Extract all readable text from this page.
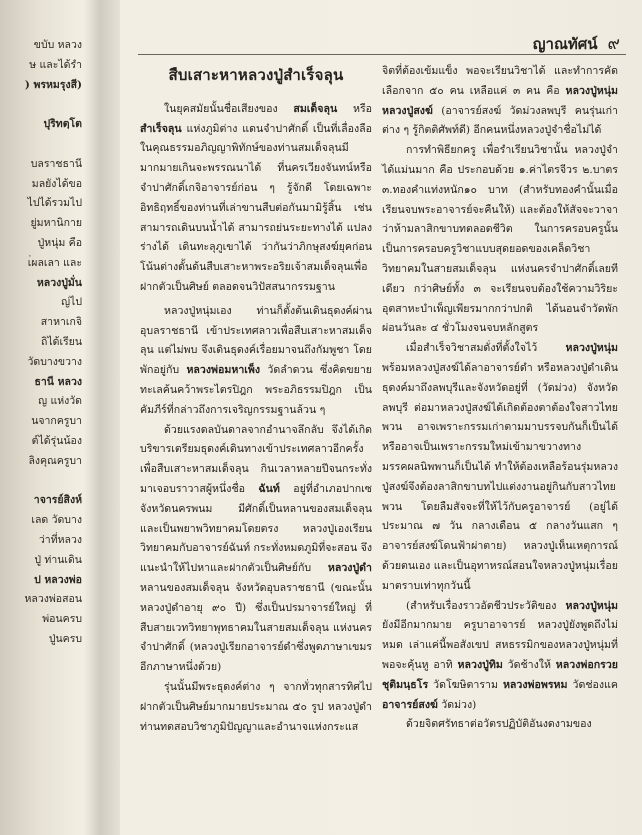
ขบับ หลวง
ษ และได้รำ
) พรหมรุงสี)
ปุริทตฺโต
บลราชธานี
มลยังได้ขอ
ไปได้รวมไป
ยู่มหานิกาย
ปู่หนุ่ม คือ
เ่ผลเลา และ
หลวงปู่มั่น
ญ่ไป
สาหาเกจิ
ถิได้เรียน
วัดบางขวาง
ธานี หลวง
ญ แห่งวัด
นจากครูบา
ต์ได้รุ่นน้อง
ลิงคุณครูบา
าจารย์สิงห์
เลด วัดบาง
ว่าที่หลวง
ปู่ ท่านเดิน
ป หลวงพ่อ
หลวงพ่อสอน
พ่อนครบ
ปู่นครบ
ญาณทัศน์ ๙
สืบเสาะหาหลวงปู่สำเร็จลุน

ในยุคสมัยนั้นชื่อเสียงของ สมเด็จลุน หรือ สำเร็จลุน แห่งภูมิต่าง แดนจำปาศักดิ์ เป็นที่เลื่องลือในคุณธรรมอภิญญาพิทักษ์ของท่านสมเด็จลุนมีมากมายเกินจะพรรณนาได้ ที่นครเวียงจันทน์หรือจำปาศักดิ์เกจิอาจารย์ก่อน ๆ รู้จักดี โดยเฉพาะอิทธิฤทธิ์ของท่านที่เล่าขานสืบต่อกันมามิรู้สิ้น เช่น สามารถเดินบนน้ำได้ สามารถย่นระยะทางได้ แปลงร่างได้ เดินทะลุภูเขาได้ ว่ากันว่าภิกษุสงฆ์ยุคก่อนโน้นต่างดั้นด้นสืบเสาะหาพระอริยเจ้าสมเด็จลุนเพื่อฝากตัวเป็นศิษย์ ตลอดจนวิปัสสนากรรมฐาน

หลวงปู่หนุ่มเอง ท่านก็ตั้งต้นเดินธุดงค์ผ่านอุบลราชธานี เข้าประเทศลาวเพื่อสืบเสาะหาสมเด็จลุน แต่ไม่พบ จึงเดินธุดงค์เรื่อยมาจนถึงกัมพูชา โดยพักอยู่กับ หลวงพ่อมหาเพ็ง วัดลำดวน ซึ่งคิดขยายทะเลค้นคว้าพระไตรปิฎก พระอภิธรรมปิฎก เป็นคัมภีร์ที่กล่าวถึงการเจริญกรรมฐานล้วน ๆ

ด้วยแรงดลบันดาลจากอำนาจลึกลับ จึงได้เกิดบริขารเตรียมธุดงค์เดินทางเข้าประเทศลาวอีกครั้ง เพื่อสืบเสาะหาสมเด็จลุน กินเวลาหลายปีจนกระทั่งมาเจอบราวาสผู้หนึ่งชื่อ ฉันท์ อยู่ที่อำเภอปากเซ จังหวัดนครพนม มีศักดิ์เป็นหลานของสมเด็จลุน และเป็นพยาพวิทยาคมโดยตรง หลวงปู่เองเรียนวิทยาคมกับอาจารย์ฉันท์ กระทั่งหมดภูมิที่จะสอน จึงแนะนำให้ไปหาและฝากตัวเป็นศิษย์กับ หลวงปู่ดำ หลานของสมเด็จลุน จังหวัดอุบลราชธานี (ขณะนั้นหลวงปู่ดำอายุ ๙๐ ปี) ซึ่งเป็นปรมาจารย์ใหญ่ ที่สืบสายเวทวิทยาพุทธาคมในสายสมเด็จลุน แห่งนครจำปาศักดิ์ (หลวงปู่เรียกอาจารย์ดำซึ่งพูดภาษาเขมรอีกภาษาหนึ่งด้วย)

รุ่นนั้นมีพระธุดงค์ต่าง ๆ จากทั่วทุกสารทิศไปฝากตัวเป็นศิษย์มากมายประมาณ ๕๐ รูป หลวงปู่ดำท่านทดสอบวิชาภูมิปัญญาและอำนาจแห่งกระแส

จิตที่ต้องเข้มแข็ง พอจะเรียนวิชาได้ และทำการคัดเลือกจาก ๕๐ คน เหลือแค่ ๓ คน คือ หลวงปู่หนุ่ม หลวงปู่สงฆ์ (อาจารย์สงฆ์ วัดม่วงลพบุรี คนรุ่นเก่าต่าง ๆ รู้กิตติศัพท์ดี) อีกคนหนึ่งหลวงปู่จำชื่อไม่ได้

การทำพิธียกครู เพื่อรำเรียนวิชานั้น หลวงปู่จำได้แม่นมาก คือ ประกอบด้วย ๑.ค่าไตรจีวร ๒.บาตร ๓.ทองคำแท่งหนัก๑๐ บาท (สำหรับทองคำนั้นเมื่อเรียนจบพระอาจารย์จะคืนให้) และต้องให้สัจจะวาจาว่าห้ามลาสิกขาบทตลอดชีวิต ในการครอบครูนั้นเป็นการครอบครูวิชาแบบสุดยอดของเคล็ดวิชาวิทยาคมในสายสมเด็จลุน แห่งนครจำปาศักดิ์เลยทีเดียว กว่าศิษย์ทั้ง ๓ จะเรียนจบต้องใช้ความวิริยะอุตสาหะบำเพ็ญเพียรมากกว่าปกติ ได้นอนจำวัดพักผ่อนวันละ ๔ ชั่วโมงจนจบหลักสูตร

เมื่อสำเร็จวิชาสมดั่งที่ตั้งใจไว้ หลวงปู่หนุ่ม พร้อมหลวงปู่สงฆ์ได้ลาอาจารย์ดำ หรือหลวงปู่ดำเดินธุดงค์มาถึงลพบุรีและจังหวัดอยู่ที่ (วัดม่วง) จังหวัดลพบุรี ต่อมาหลวงปู่สงฆ์ได้เกิดต้องตาต้องใจสาวไทยพวน อาจเพราะกรรมเก่าตามมาบรรจบกันก็เป็นได้ หรืออาจเป็นเพราะกรรมใหม่เข้ามาขวางทางมรรคผลนิพพานก็เป็นได้ ทำให้ต้องเหลือร้อนรุ่มหลวงปู่สงฆ์จึงต้องลาสิกขาบทไปแต่งงานอยู่กินกับสาวไทยพวน โดยลืมสัจจะที่ให้ไว้กับครูอาจารย์ (อยู่ได้ประมาณ ๗ วัน กลางเดือน ๕ กลางวันแสก ๆ อาจารย์สงฆ์โดนฟ้าผ่าตาย) หลวงปู่เห็นเหตุการณ์ด้วยตนเอง และเป็นอุทาหรณ์สอนใจหลวงปู่หนุ่มเรื่อยมาตราบเท่าทุกวันนี้

(สำหรับเรื่องราวอัตชีวประวัติของ หลวงปู่หนุ่ม ยังมีอีกมากมาย ครูบาอาจารย์ หลวงปู่ยังพูดถึงไม่หมด เล่าแค่นี้พอสังเขป สหธรรมิกของหลวงปู่หนุ่มที่พอจะคุ้นหู อาทิ หลวงปู่ทิม วัดช้างให้ หลวงพ่อกรวย ชุติมนฺธโร วัดโฆษิตาราม หลวงพ่อพรหม วัดช่องแค อาจารย์สงฆ์ วัดม่วง)

ด้วยจิตศรัทธาต่อวัตรปฏิบัติอันงดงามของ
